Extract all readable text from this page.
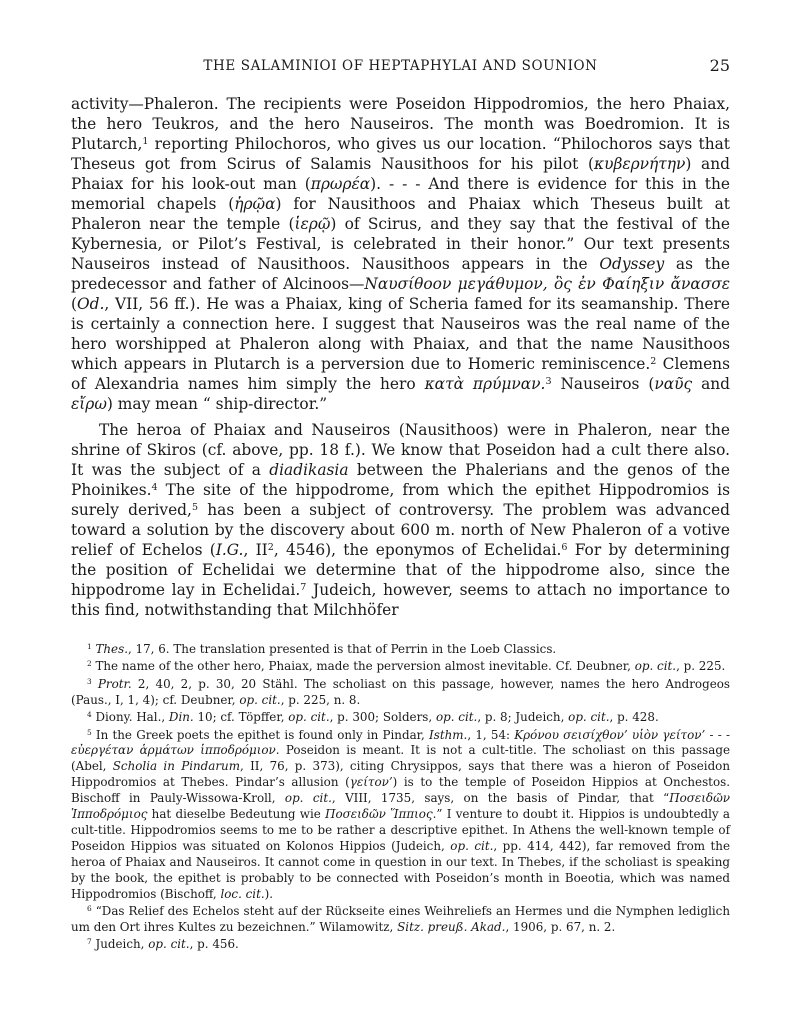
THE SALAMINIOI OF HEPTAPHYLAI AND SOUNION	25

activity—Phaleron. The recipients were Poseidon Hippodromios, the hero Phaiax, the hero Teukros, and the hero Nauseiros. The month was Boedromion. It is Plutarch,$^1$ reporting Philochoros, who gives us our location. “Philochoros says that Theseus got from Scirus of Salamis Nausithoos for his pilot (κυβερνήτην) and Phaiax for his look-out man (πρωρέα). - - - And there is evidence for this in the memorial chapels (ἡρῷα) for Nausithoos and Phaiax which Theseus built at Phaleron near the temple (ἱερῷ) of Scirus, and they say that the festival of the Kybernesia, or Pilot’s Festival, is celebrated in their honor.” Our text presents Nauseiros instead of Nausithoos. Nausithoos appears in the Odyssey as the predecessor and father of Alcinoos—Ναυσίθοον μεγάθυμον, ὃς ἐν Φαίηξιν ἄνασσε (Od., VII, 56 ff.). He was a Phaiax, king of Scheria famed for its seamanship. There is certainly a connection here. I suggest that Nauseiros was the real name of the hero worshipped at Phaleron along with Phaiax, and that the name Nausithoos which appears in Plutarch is a perversion due to Homeric reminiscence.$^2$ Clemens of Alexandria names him simply the hero κατὰ πρύμναν.$^3$ Nauseiros (ναῦς and εἴρω) may mean “ ship-director.”

The heroa of Phaiax and Nauseiros (Nausithoos) were in Phaleron, near the shrine of Skiros (cf. above, pp. 18 f.). We know that Poseidon had a cult there also. It was the subject of a diadikasia between the Phalerians and the genos of the Phoinikes.$^4$ The site of the hippodrome, from which the epithet Hippodromios is surely derived,$^5$ has been a subject of controversy. The problem was advanced toward a solution by the discovery about 600 m. north of New Phaleron of a votive relief of Echelos (I.G., $II^2$, 4546), the eponymos of Echelidai.$^6$ For by determining the position of Echelidai we determine that of the hippodrome also, since the hippodrome lay in Echelidai.$^7$ Judeich, however, seems to attach no importance to this find, notwithstanding that Milchhöfer

$^1$ Thes., 17, 6. The translation presented is that of Perrin in the Loeb Classics.

$^2$ The name of the other hero, Phaiax, made the perversion almost inevitable. Cf. Deubner, op. cit., p. 225.

$^3$ Protr. 2, 40, 2, p. 30, 20 Stähl. The scholiast on this passage, however, names the hero Androgeos (Paus., I, 1, 4); cf. Deubner, op. cit., p. 225, n. 8.

$^4$ Diony. Hal., Din. 10; cf. Töpffer, op. cit., p. 300; Solders, op. cit., p. 8; Judeich, op. cit., p. 428.

$^5$ In the Greek poets the epithet is found only in Pindar, Isthm., 1, 54: Κρόνου σεισίχθον’ υἱὸν γείτον’ - - - εὐεργέταν ἁρμάτων ἱπποδρόμιον. Poseidon is meant. It is not a cult-title. The scholiast on this passage (Abel, Scholia in Pindarum, II, 76, p. 373), citing Chrysippos, says that there was a hieron of Poseidon Hippodromios at Thebes. Pindar’s allusion (γείτον’) is to the temple of Poseidon Hippios at Onchestos. Bischoff in Pauly-Wissowa-Kroll, op. cit., VIII, 1735, says, on the basis of Pindar, that “Ποσειδῶν Ἱπποδρόμιος hat dieselbe Bedeutung wie Ποσειδῶν Ἵππιος.” I venture to doubt it. Hippios is undoubtedly a cult-title. Hippodromios seems to me to be rather a descriptive epithet. In Athens the well-known temple of Poseidon Hippios was situated on Kolonos Hippios (Judeich, op. cit., pp. 414, 442), far removed from the heroa of Phaiax and Nauseiros. It cannot come in question in our text. In Thebes, if the scholiast is speaking by the book, the epithet is probably to be connected with Poseidon’s month in Boeotia, which was named Hippodromios (Bischoff, loc. cit.).

$^6$ “Das Relief des Echelos steht auf der Rückseite eines Weihreliefs an Hermes und die Nymphen lediglich um den Ort ihres Kultes zu bezeichnen.” Wilamowitz, Sitz. preuß. Akad., 1906, p. 67, n. 2.

$^7$ Judeich, op. cit., p. 456.
